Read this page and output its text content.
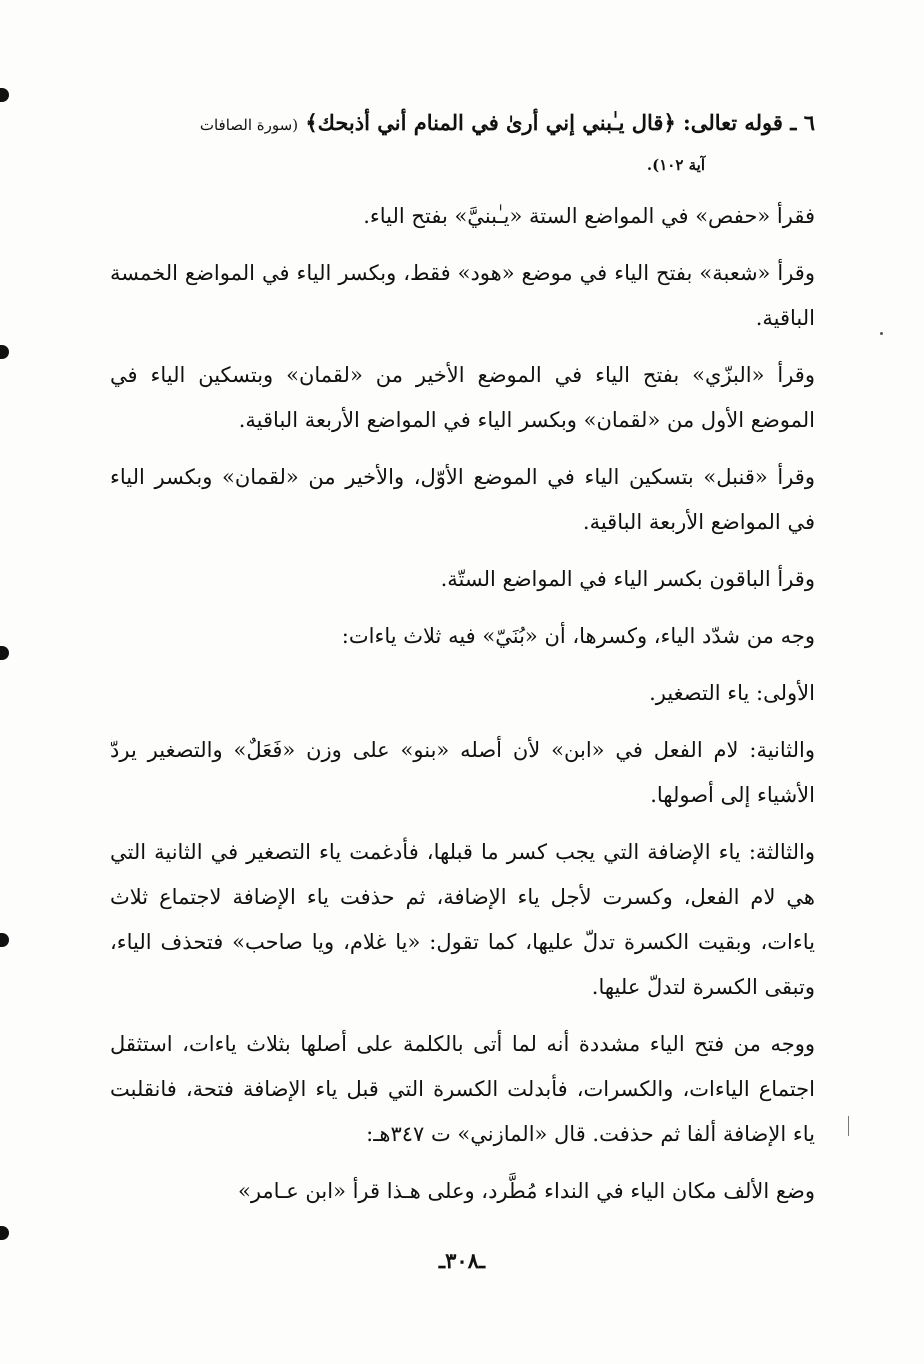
٦ ـ قوله تعالى: ﴿قال يـٰبني إني أرىٰ في المنام أني أذبحك﴾ (سورة الصافات
آية ١٠٢).

فقرأ «حفص» في المواضع الستة «يـٰبنيَّ» بفتح الياء.

وقرأ «شعبة» بفتح الياء في موضع «هود» فقط، وبكسر الياء في المواضع الخمسة الباقية.

وقرأ «البزّي» بفتح الياء في الموضع الأخير من «لقمان» وبتسكين الياء في الموضع الأول من «لقمان» وبكسر الياء في المواضع الأربعة الباقية.

وقرأ «قنبل» بتسكين الياء في الموضع الأوّل، والأخير من «لقمان» وبكسر الياء في المواضع الأربعة الباقية.

وقرأ الباقون بكسر الياء في المواضع الستّة.

وجه من شدّد الياء، وكسرها، أن «بُنَيّ» فيه ثلاث ياءات:

الأولى: ياء التصغير.

والثانية: لام الفعل في «ابن» لأن أصله «بنو» على وزن «فَعَلٌ» والتصغير يردّ الأشياء إلى أصولها.

والثالثة: ياء الإضافة التي يجب كسر ما قبلها، فأدغمت ياء التصغير في الثانية التي هي لام الفعل، وكسرت لأجل ياء الإضافة، ثم حذفت ياء الإضافة لاجتماع ثلاث ياءات، وبقيت الكسرة تدلّ عليها، كما تقول: «يا غلام، ويا صاحب» فتحذف الياء، وتبقى الكسرة لتدلّ عليها.

ووجه من فتح الياء مشددة أنه لما أتى بالكلمة على أصلها بثلاث ياءات، استثقل اجتماع الياءات، والكسرات، فأبدلت الكسرة التي قبل ياء الإضافة فتحة، فانقلبت ياء الإضافة ألفا ثم حذفت. قال «المازني» ت ٣٤٧هـ:

وضع الألف مكان الياء في النداء مُطَّرد، وعلى هـذا قرأ «ابن عـامر»

ـ٣٠٨ـ
